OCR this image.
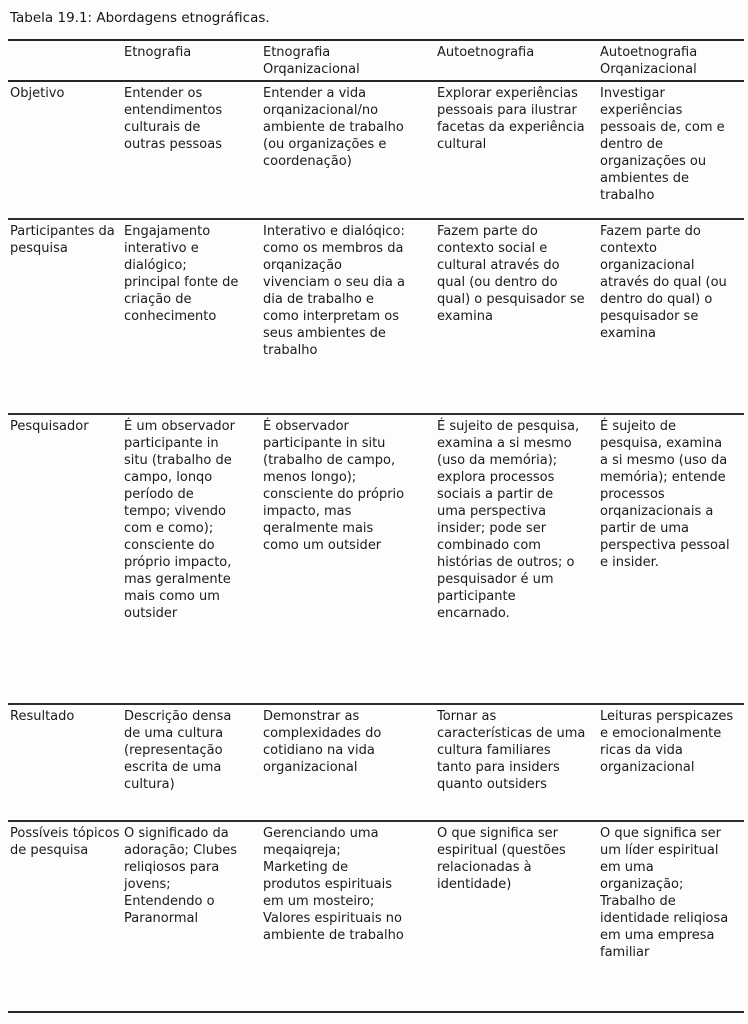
Tabela 19.1: Abordagens etnográficas.
	Etnografia	Etnografia Orqanizacional	Autoetnografia	Autoetnografia Orqanizacional
Objetivo	Entender os entendimentos culturais de outras pessoas	Entender a vida orqanizacional/no ambiente de trabalho (ou organizações e coordenação)	Explorar experiências pessoais para ilustrar facetas da experiência cultural	Investigar experiências pessoais de, com e dentro de organizações ou ambientes de trabalho
Participantes da pesquisa	Engajamento interativo e dialógico; principal fonte de criação de conhecimento	Interativo e dialóqico: como os membros da orqanização vivenciam o seu dia a dia de trabalho e como interpretam os seus ambientes de trabalho	Fazem parte do contexto social e cultural através do qual (ou dentro do qual) o pesquisador se examina	Fazem parte do contexto organizacional através do qual (ou dentro do qual) o pesquisador se examina
Pesquisador	É um observador participante in situ (trabalho de campo, lonqo período de tempo; vivendo com e como); consciente do próprio impacto, mas geralmente mais como um outsider	É observador participante in situ (trabalho de campo, menos longo); consciente do próprio impacto, mas qeralmente mais como um outsider	É sujeito de pesquisa, examina a si mesmo (uso da memória); explora processos sociais a partir de uma perspectiva insider; pode ser combinado com histórias de outros; o pesquisador é um participante encarnado.	É sujeito de pesquisa, examina a si mesmo (uso da memória); entende processos orqanizacionais a partir de uma perspectiva pessoal e insider.
Resultado	Descrição densa de uma cultura (representação escrita de uma cultura)	Demonstrar as complexidades do cotidiano na vida organizacional	Tornar as características de uma cultura familiares tanto para insiders quanto outsiders	Leituras perspicazes e emocionalmente ricas da vida organizacional
Possíveis tópicos de pesquisa	O significado da adoração; Clubes reliqiosos para jovens; Entendendo o Paranormal	Gerenciando uma meqaiqreja; Marketing de produtos espirituais em um mosteiro; Valores espirituais no ambiente de trabalho	O que significa ser espiritual (questões relacionadas à identidade)	O que significa ser um líder espiritual em uma organização; Trabalho de identidade reliqiosa em uma empresa familiar
